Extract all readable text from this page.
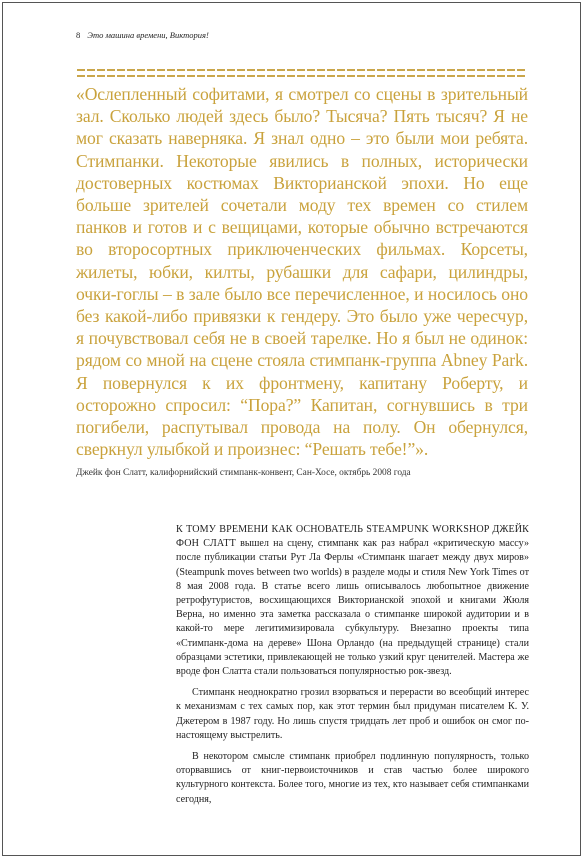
8 Это машина времени, Виктория!
«Ослепленный софитами, я смотрел со сцены в зрительный зал. Сколько людей здесь было? Тысяча? Пять тысяч? Я не мог сказать наверняка. Я знал одно – это были мои ребята. Стимпанки. Некоторые явились в полных, исторически достоверных костюмах Викторианской эпохи. Но еще больше зрителей сочетали моду тех времен со стилем панков и готов и с вещицами, которые обычно встречаются во второсортных приключенческих фильмах. Корсеты, жилеты, юбки, килты, рубашки для сафари, цилиндры, очки-гоглы – в зале было все перечисленное, и носилось оно без какой-либо привязки к гендеру. Это было уже чересчур, я почувствовал себя не в своей тарелке. Но я был не одинок: рядом со мной на сцене стояла стимпанк-группа Abney Park. Я повернулся к их фронтмену, капитану Роберту, и осторожно спросил: “Пора?” Капитан, согнувшись в три погибели, распутывал провода на полу. Он обернулся, сверкнул улыбкой и произнес: “Решать тебе!”».
Джейк фон Слатт, калифорнийский стимпанк-конвент, Сан-Хосе, октябрь 2008 года

К ТОМУ ВРЕМЕНИ КАК ОСНОВАТЕЛЬ STEAMPUNK WORKSHOP ДЖЕЙК ФОН СЛАТТ вышел на сцену, стимпанк как раз набрал «критическую массу» после публикации статьи Рут Ла Ферлы «Стимпанк шагает между двух миров» (Steampunk moves between two worlds) в разделе моды и стиля New York Times от 8 мая 2008 года. В статье всего лишь описывалось любопытное движение ретрофутуристов, восхищающихся Викторианской эпохой и книгами Жюля Верна, но именно эта заметка рассказала о стимпанке широкой аудитории и в какой-то мере легитимизировала субкультуру. Внезапно проекты типа «Стимпанк-дома на дереве» Шона Орландо (на предыдущей странице) стали образцами эстетики, привлекающей не только узкий круг ценителей. Мастера же вроде фон Слатта стали пользоваться популярностью рок-звезд.

Стимпанк неоднократно грозил взорваться и перерасти во всеобщий интерес к механизмам с тех самых пор, как этот термин был придуман писателем К. У. Джетером в 1987 году. Но лишь спустя тридцать лет проб и ошибок он смог по-настоящему выстрелить.

В некотором смысле стимпанк приобрел подлинную популярность, только оторвавшись от книг-первоисточников и став частью более широкого культурного контекста. Более того, многие из тех, кто называет себя стимпанками сегодня,
